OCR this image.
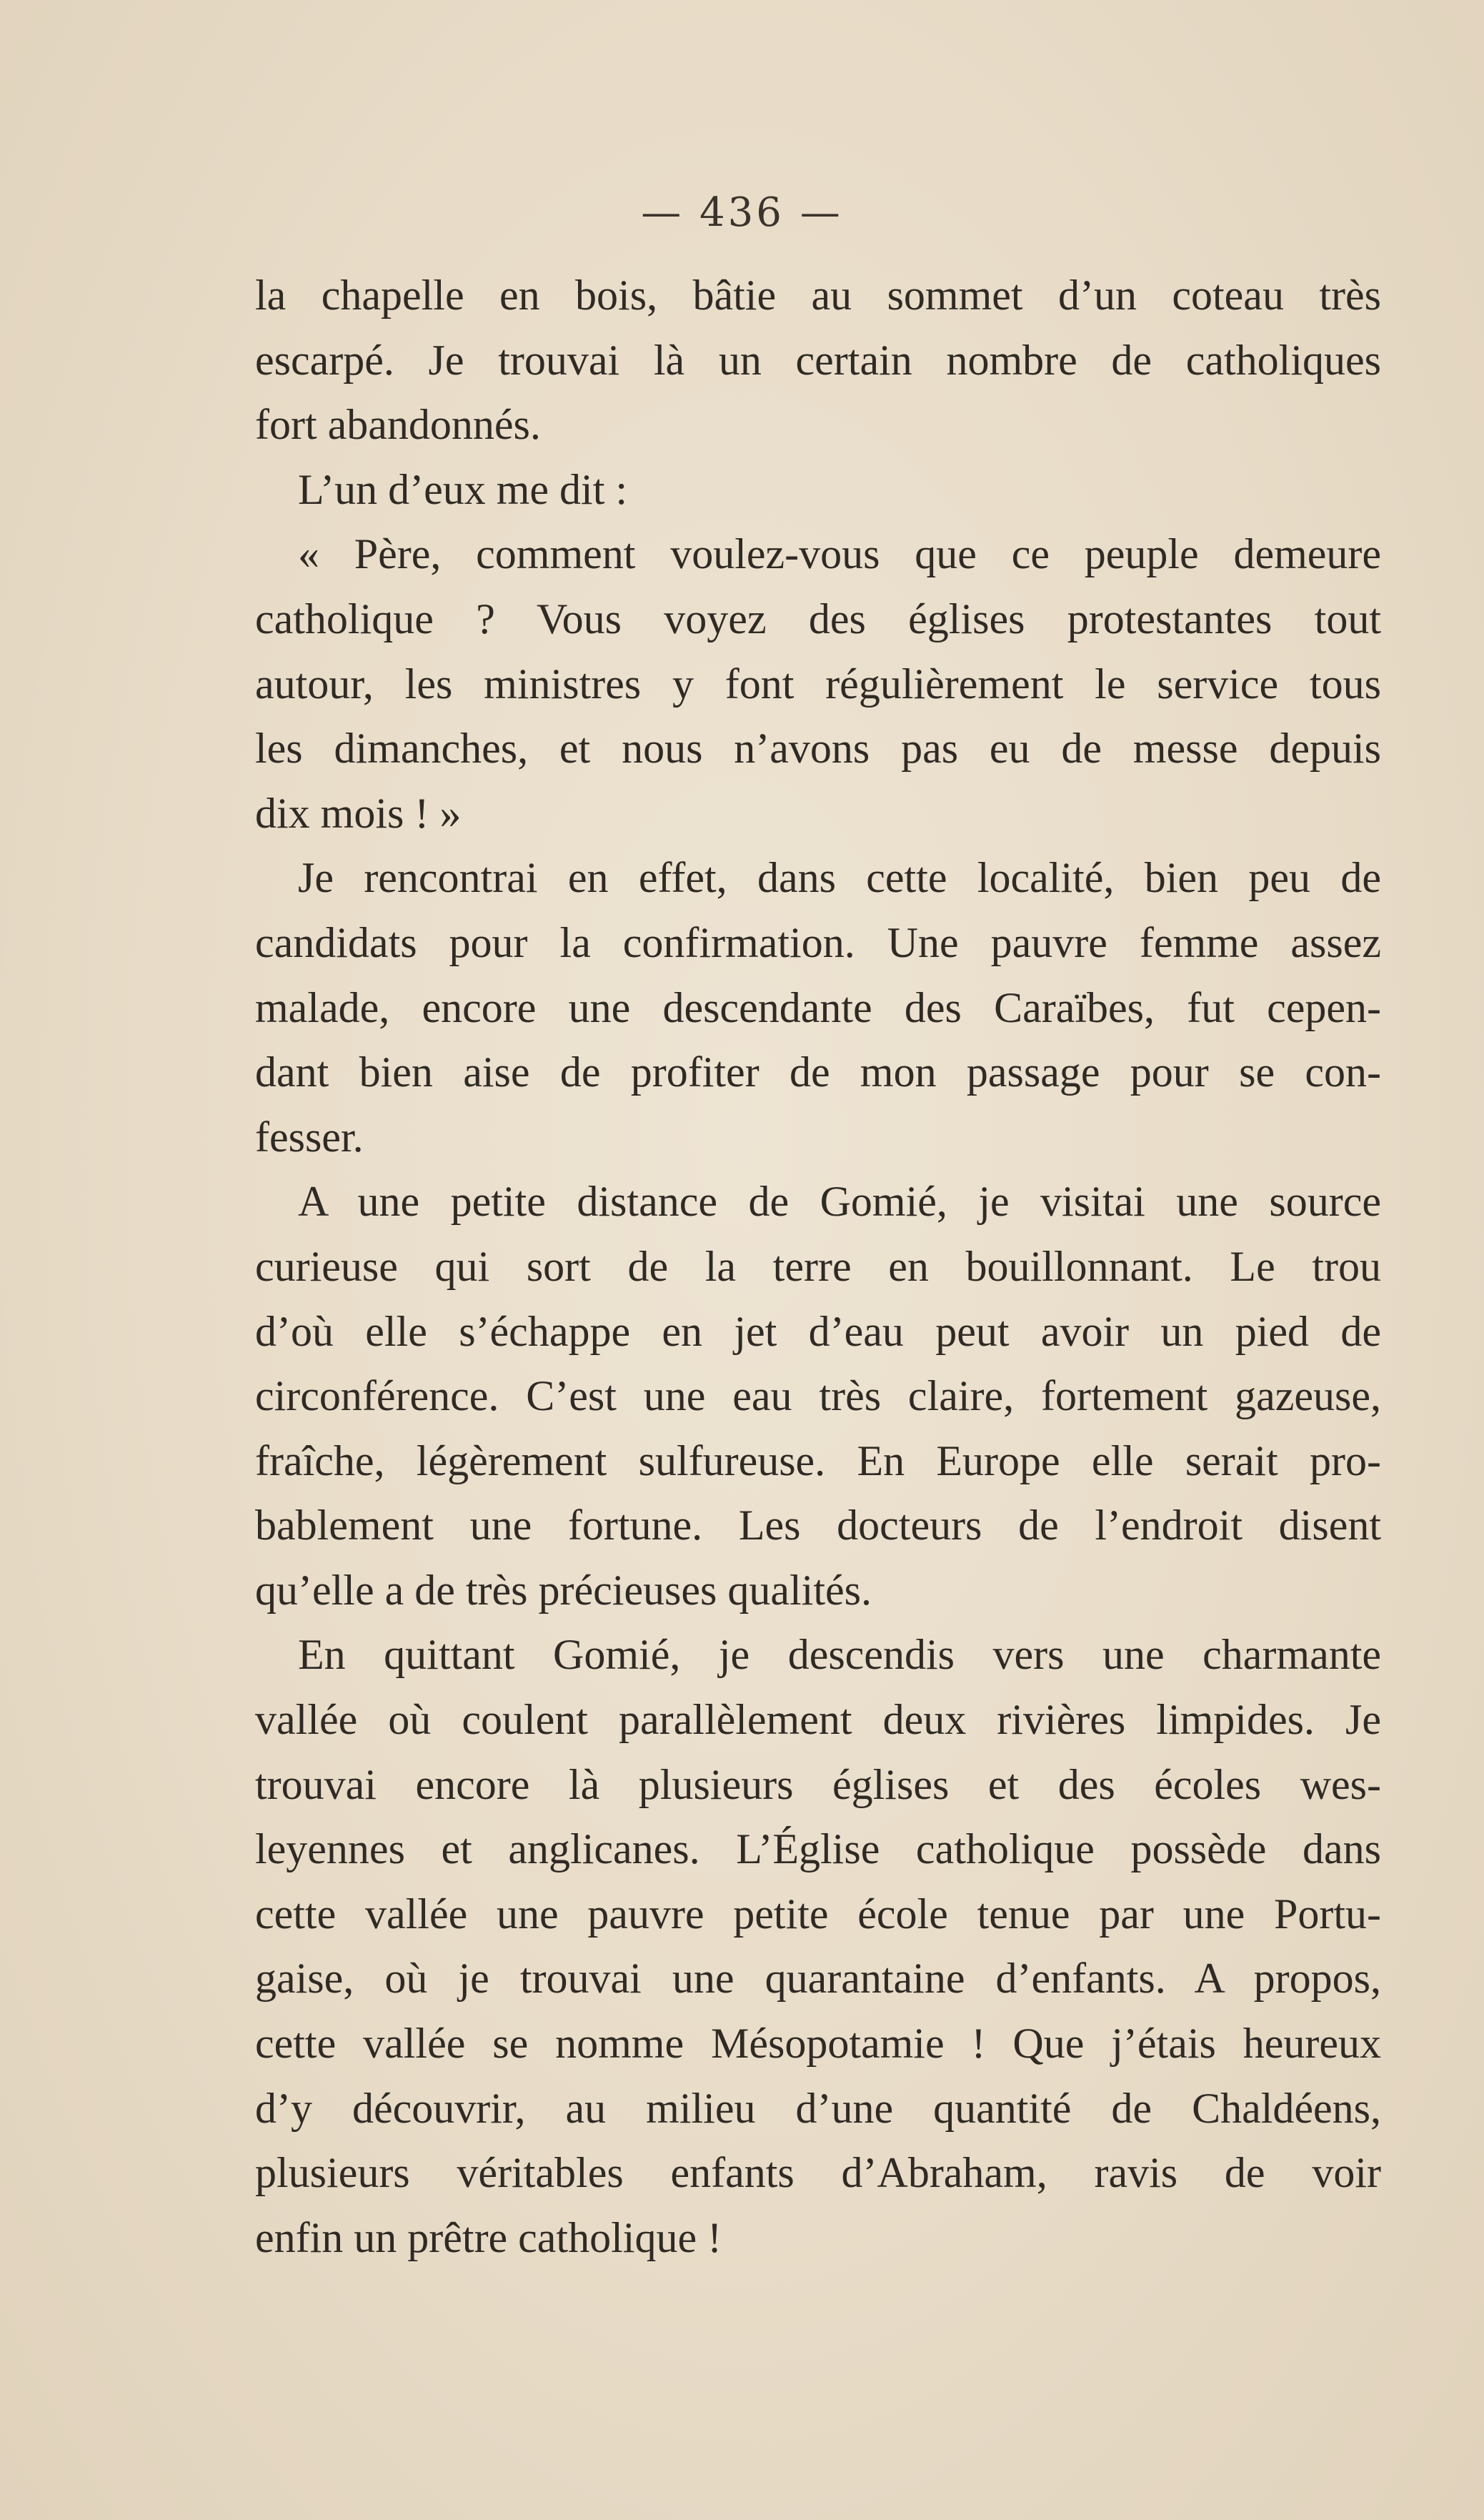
— 436 —
la chapelle en bois, bâtie au sommet d’un coteau très
escarpé. Je trouvai là un certain nombre de catholiques
fort abandonnés.
L’un d’eux me dit :
« Père, comment voulez-vous que ce peuple demeure
catholique ? Vous voyez des églises protestantes tout
autour, les ministres y font régulièrement le service tous
les dimanches, et nous n’avons pas eu de messe depuis
dix mois ! »
Je rencontrai en effet, dans cette localité, bien peu de
candidats pour la confirmation. Une pauvre femme assez
malade, encore une descendante des Caraïbes, fut cepen-
dant bien aise de profiter de mon passage pour se con-
fesser.
A une petite distance de Gomié, je visitai une source
curieuse qui sort de la terre en bouillonnant. Le trou
d’où elle s’échappe en jet d’eau peut avoir un pied de
circonférence. C’est une eau très claire, fortement gazeuse,
fraîche, légèrement sulfureuse. En Europe elle serait pro-
bablement une fortune. Les docteurs de l’endroit disent
qu’elle a de très précieuses qualités.
En quittant Gomié, je descendis vers une charmante
vallée où coulent parallèlement deux rivières limpides. Je
trouvai encore là plusieurs églises et des écoles wes-
leyennes et anglicanes. L’Église catholique possède dans
cette vallée une pauvre petite école tenue par une Portu-
gaise, où je trouvai une quarantaine d’enfants. A propos,
cette vallée se nomme Mésopotamie ! Que j’étais heureux
d’y découvrir, au milieu d’une quantité de Chaldéens,
plusieurs véritables enfants d’Abraham, ravis de voir
enfin un prêtre catholique !
